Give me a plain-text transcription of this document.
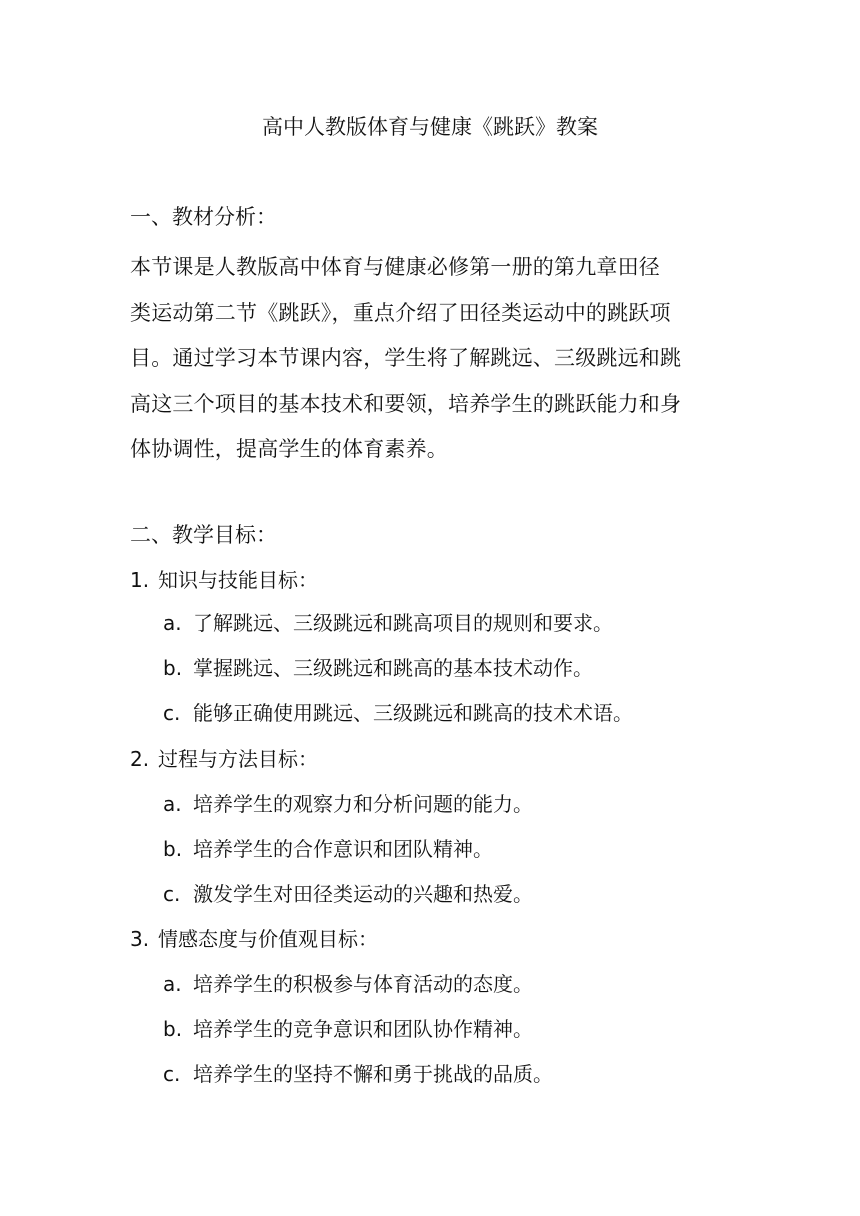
高中人教版体育与健康《跳跃》教案
一、教材分析：
本节课是人教版高中体育与健康必修第一册的第九章田径
类运动第二节《跳跃》，重点介绍了田径类运动中的跳跃项
目。通过学习本节课内容，学生将了解跳远、三级跳远和跳
高这三个项目的基本技术和要领，培养学生的跳跃能力和身
体协调性，提高学生的体育素养。
二、教学目标：
1. 知识与技能目标：
a. 了解跳远、三级跳远和跳高项目的规则和要求。
b. 掌握跳远、三级跳远和跳高的基本技术动作。
c. 能够正确使用跳远、三级跳远和跳高的技术术语。
2. 过程与方法目标：
a. 培养学生的观察力和分析问题的能力。
b. 培养学生的合作意识和团队精神。
c. 激发学生对田径类运动的兴趣和热爱。
3. 情感态度与价值观目标：
a. 培养学生的积极参与体育活动的态度。
b. 培养学生的竞争意识和团队协作精神。
c. 培养学生的坚持不懈和勇于挑战的品质。
